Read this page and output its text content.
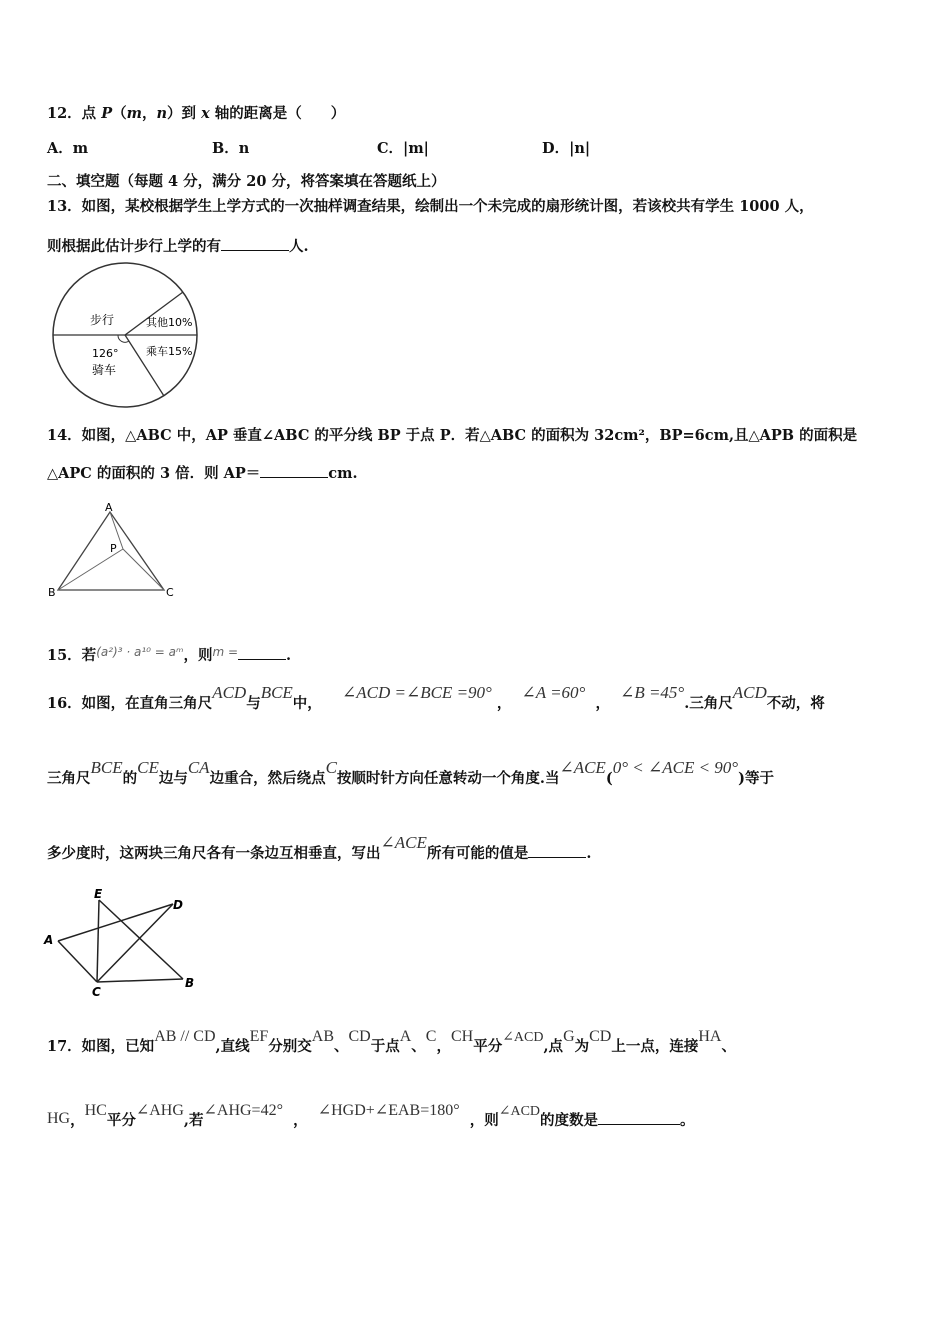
12．点 P（m，n）到 x 轴的距离是（　　）
A．m	B．n	C．|m|	D．|n|
二、填空题（每题 4 分，满分 20 分，将答案填在答题纸上）
13．如图，某校根据学生上学方式的一次抽样调查结果，绘制出一个未完成的扇形统计图，若该校共有学生 1000 人，
则根据此估计步行上学的有	人.
步行	其他10%
乘车15%
126°
骑车
14．如图，△ABC 中，AP 垂直∠ABC 的平分线 BP 于点 P．若△ABC 的面积为 32cm²，BP=6cm,且△APB 的面积是
△APC 的面积的 3 倍．则 AP＝	cm.
A
P
B	C
15．若$^{(a^2)^3 \cdot a^{10} = aᵐ}$，则$^{m =}$	.
16．如图，在直角三角尺ACD与BCE中，    ∠ACD =∠BCE =90° ，  ∠A =60°  ，  ∠B =45°.三角尺ACD不动，将
三角尺BCE的CE边与CA边重合，然后绕点C按顺时针方向任意转动一个角度.当∠ACE(0° < ∠ACE < 90°)等于
多少度时，这两块三角尺各有一条边互相垂直，写出∠ACE所有可能的值是	.
E
D
A
C
B
17．如图，已知AB // CD,直线EF分别交AB、CD于点A、C，CH平分∠ACD,点G为CD上一点，连接HA、
HG，HC平分∠AHG,若∠AHG=42°  ，  ∠HGD+∠EAB=180°  ，则∠ACD的度数是	。
